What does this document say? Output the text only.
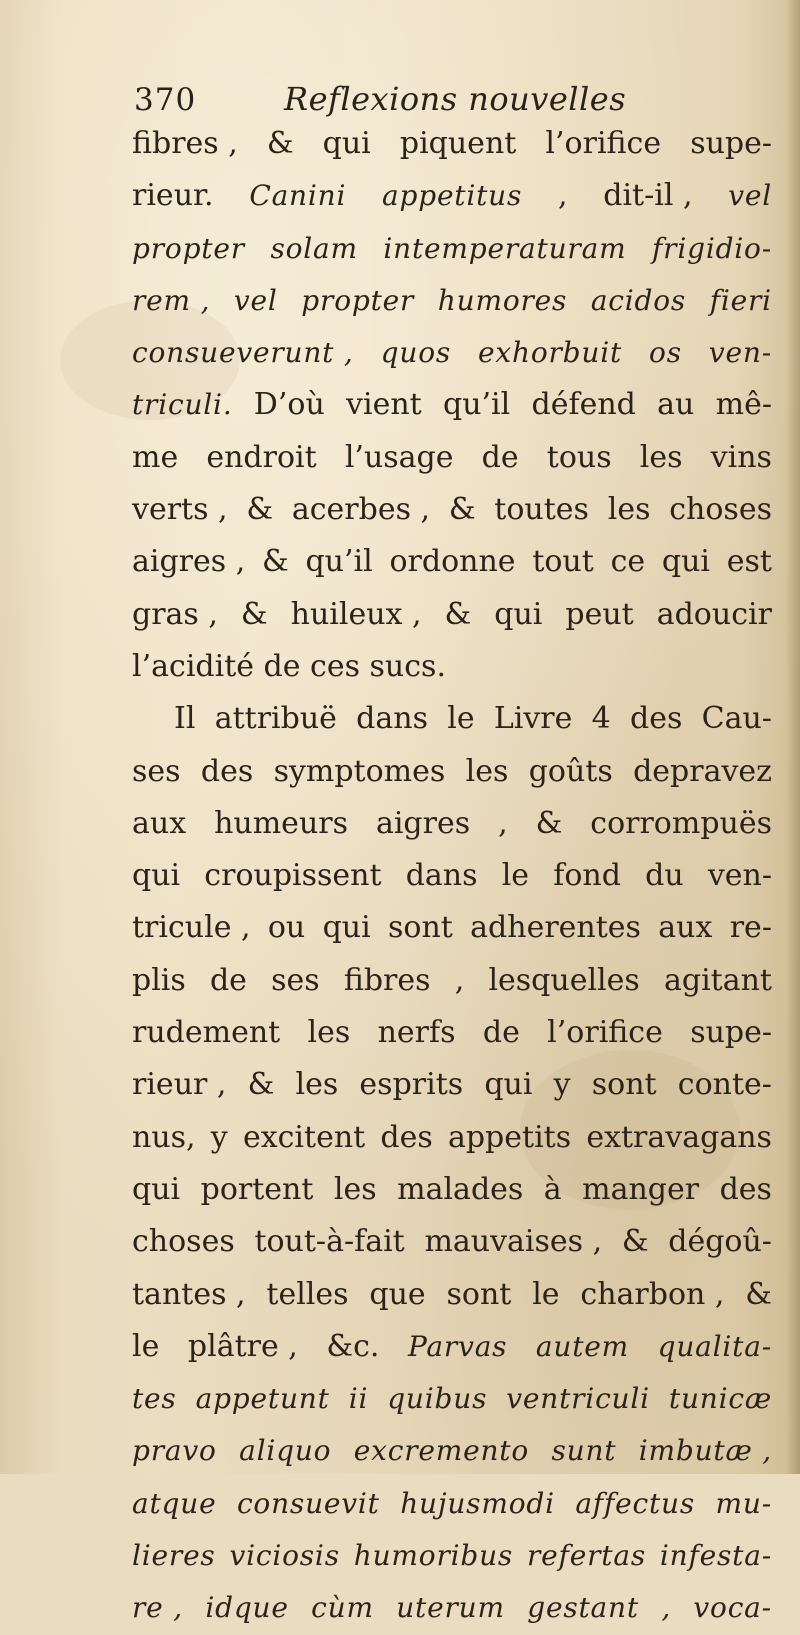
370	Reflexions nouvelles
fibres , & qui piquent l’orifice supe-
rieur. Canini appetitus , dit-il , vel
propter solam intemperaturam frigidio-
rem , vel propter humores acidos fieri
consueverunt , quos exhorbuit os ven-
triculi. D’où vient qu’il défend au mê-
me endroit l’usage de tous les vins
verts , & acerbes , & toutes les choses
aigres , & qu’il ordonne tout ce qui est
gras , & huileux , & qui peut adoucir
l’acidité de ces sucs.
Il attribuë dans le Livre 4 des Cau-
ses des symptomes les goûts depravez
aux humeurs aigres , & corrompuës
qui croupissent dans le fond du ven-
tricule , ou qui sont adherentes aux re-
plis de ses fibres , lesquelles agitant
rudement les nerfs de l’orifice supe-
rieur , & les esprits qui y sont conte-
nus, y excitent des appetits extravagans
qui portent les malades à manger des
choses tout-à-fait mauvaises , & dégoû-
tantes , telles que sont le charbon , &
le plâtre , &c. Parvas autem qualita-
tes appetunt ii quibus ventriculi tunicæ
pravo aliquo excremento sunt imbutæ ,
atque consuevit hujusmodi affectus mu-
lieres viciosis humoribus refertas infesta-
re , idque cùm uterum gestant , voca-
